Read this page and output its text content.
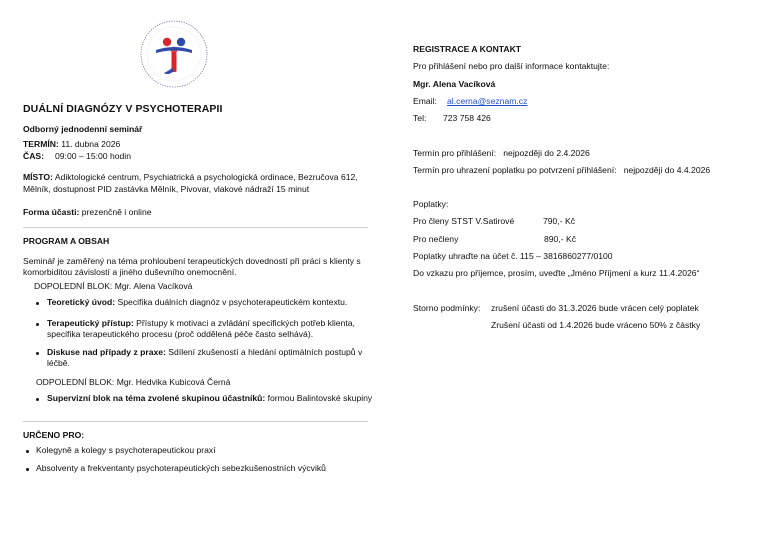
DUÁLNÍ DIAGNÓZY V PSYCHOTERAPII
Odborný jednodenní seminář
TERMÍN: 11. dubna 2026
ČAS: 09:00 – 15:00 hodin
MÍSTO: Adiktologické centrum, Psychiatrická a psychologická ordinace, Bezručova 612,
Mělník, dostupnost PID zastávka Mělník, Pivovar, vlakové nádraží 15 minut
Forma účasti: prezenčně i online
PROGRAM A OBSAH
Seminář je zaměřený na téma prohloubení terapeutických dovedností při práci s klienty s
komorbiditou závislostí a jiného duševního onemocnění.
DOPOLEDNÍ BLOK: Mgr. Alena Vacíková
Teoretický úvod: Specifika duálních diagnóz v psychoterapeutickém kontextu.
Terapeutický přístup: Přístupy k motivaci a zvládání specifických potřeb klienta,
specifika terapeutického procesu (proč oddělená péče často selhává).
Diskuse nad případy z praxe: Sdílení zkušeností a hledání optimálních postupů v
léčbě.
ODPOLEDNÍ BLOK: Mgr. Hedvika Kubicová Černá
Supervizní blok na téma zvolené skupinou účastníků: formou Balintovské skupiny
URČENO PRO:
Kolegyně a kolegy s psychoterapeutickou praxí
Absolventy a frekventanty psychoterapeutických sebezkušenostních výcviků
REGISTRACE A KONTAKT
Pro přihlášení nebo pro další informace kontaktujte:
Mgr. Alena Vacíková
Email: al.cerna@seznam.cz
Tel: 723 758 426
Termín pro přihlášení: nejpozději do 2.4.2026
Termín pro uhrazení poplatku po potvrzení přihlášení: nejpozději do 4.4.2026
Poplatky:
Pro členy STST V.Satirové	790,- Kč
Pro nečleny	890,- Kč
Poplatky uhraďte na účet č. 115 – 3816860277/0100
Do vzkazu pro příjemce, prosím, uveďte „Jméno Příjmení a kurz 11.4.2026“
Storno podmínky: zrušení účasti do 31.3.2026 bude vrácen celý poplatek
Zrušení účasti od 1.4.2026 bude vráceno 50% z částky
